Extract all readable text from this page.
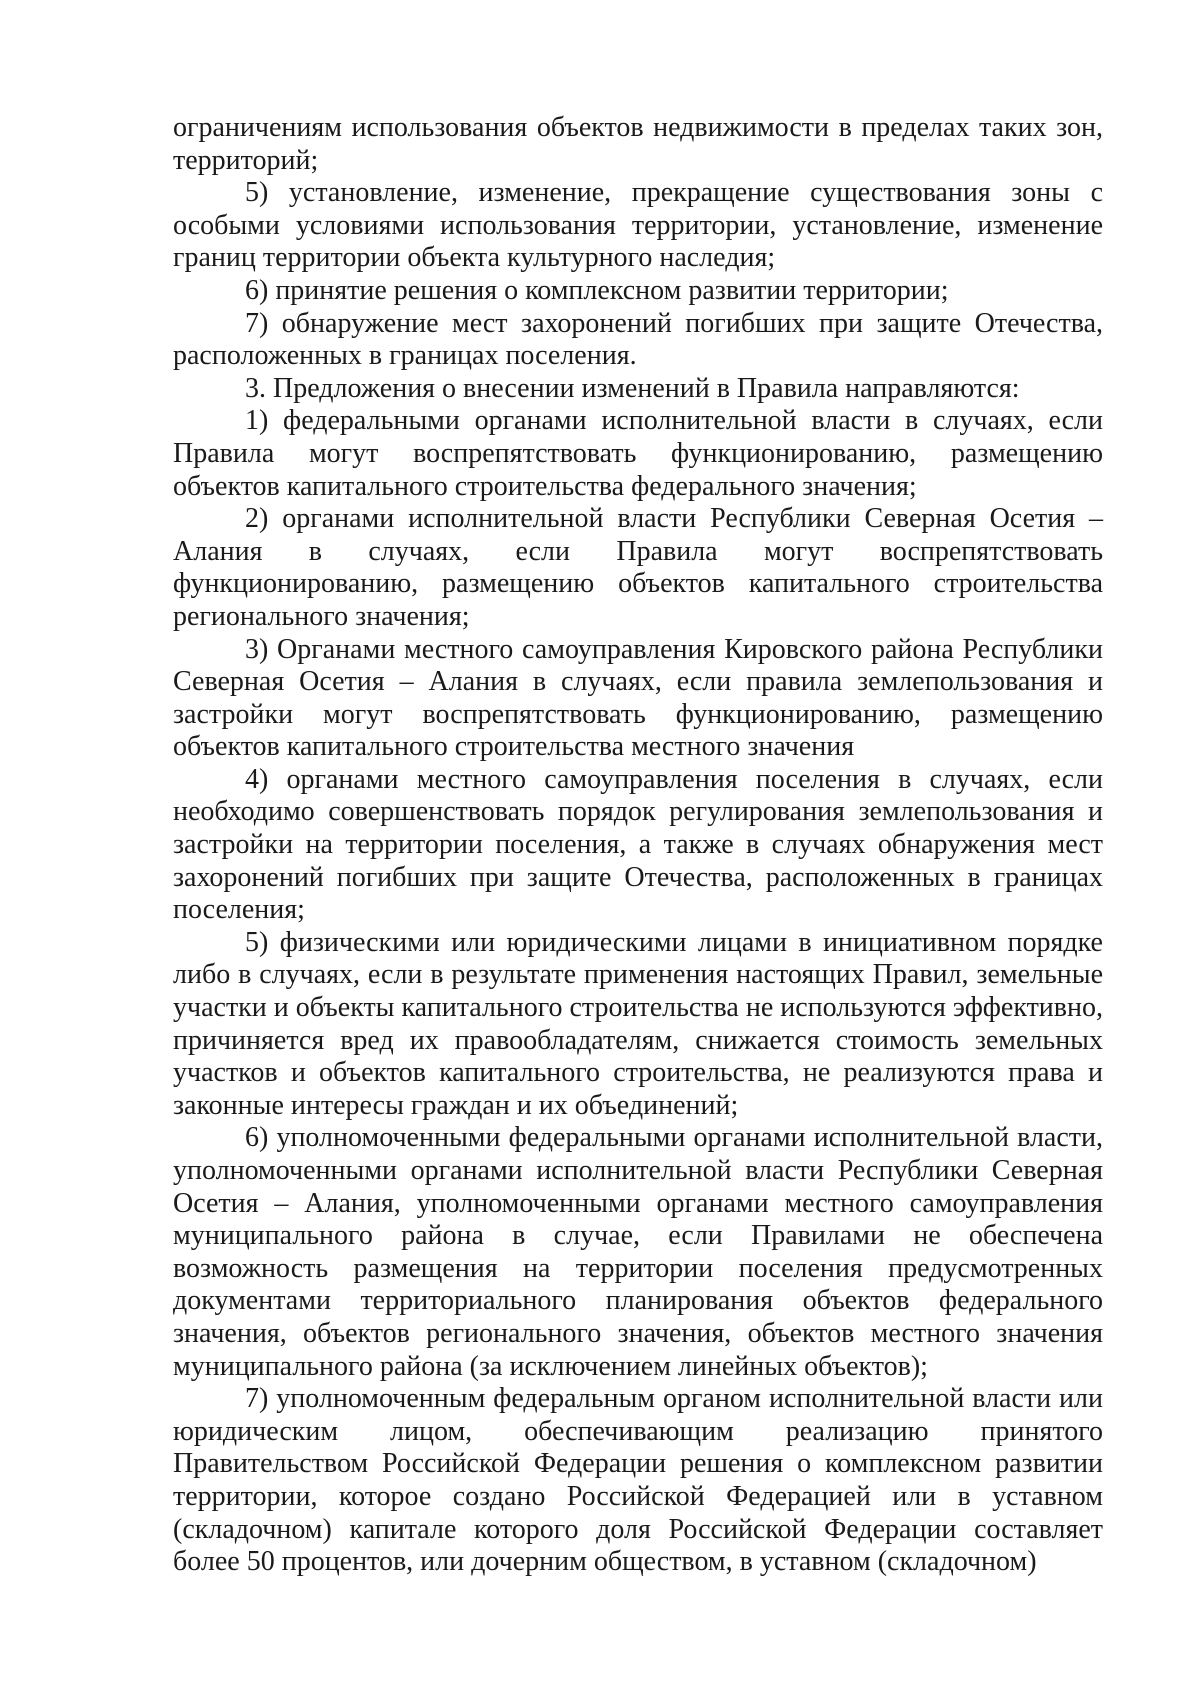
ограничениям использования объектов недвижимости в пределах таких зон, территорий;

5) установление, изменение, прекращение существования зоны с особыми условиями использования территории, установление, изменение границ территории объекта культурного наследия;

6) принятие решения о комплексном развитии территории;

7) обнаружение мест захоронений погибших при защите Отечества, расположенных в границах поселения.

3. Предложения о внесении изменений в Правила направляются:

1) федеральными органами исполнительной власти в случаях, если Правила могут воспрепятствовать функционированию, размещению объектов капитального строительства федерального значения;

2) органами исполнительной власти Республики Северная Осетия – Алания в случаях, если Правила могут воспрепятствовать функционированию, размещению объектов капитального строительства регионального значения;

3) Органами местного самоуправления Кировского района Республики Северная Осетия – Алания в случаях, если правила землепользования и застройки могут воспрепятствовать функционированию, размещению объектов капитального строительства местного значения

4) органами местного самоуправления поселения в случаях, если необходимо совершенствовать порядок регулирования землепользования и застройки на территории поселения, а также в случаях обнаружения мест захоронений погибших при защите Отечества, расположенных в границах поселения;

5) физическими или юридическими лицами в инициативном порядке либо в случаях, если в результате применения настоящих Правил, земельные участки и объекты капитального строительства не используются эффективно, причиняется вред их правообладателям, снижается стоимость земельных участков и объектов капитального строительства, не реализуются права и законные интересы граждан и их объединений;

6) уполномоченными федеральными органами исполнительной власти, уполномоченными органами исполнительной власти Республики Северная Осетия – Алания, уполномоченными органами местного самоуправления муниципального района в случае, если Правилами не обеспечена возможность размещения на территории поселения предусмотренных документами территориального планирования объектов федерального значения, объектов регионального значения, объектов местного значения муниципального района (за исключением линейных объектов);

7) уполномоченным федеральным органом исполнительной власти или юридическим лицом, обеспечивающим реализацию принятого Правительством Российской Федерации решения о комплексном развитии территории, которое создано Российской Федерацией или в уставном (складочном) капитале которого доля Российской Федерации составляет более 50 процентов, или дочерним обществом, в уставном (складочном)
